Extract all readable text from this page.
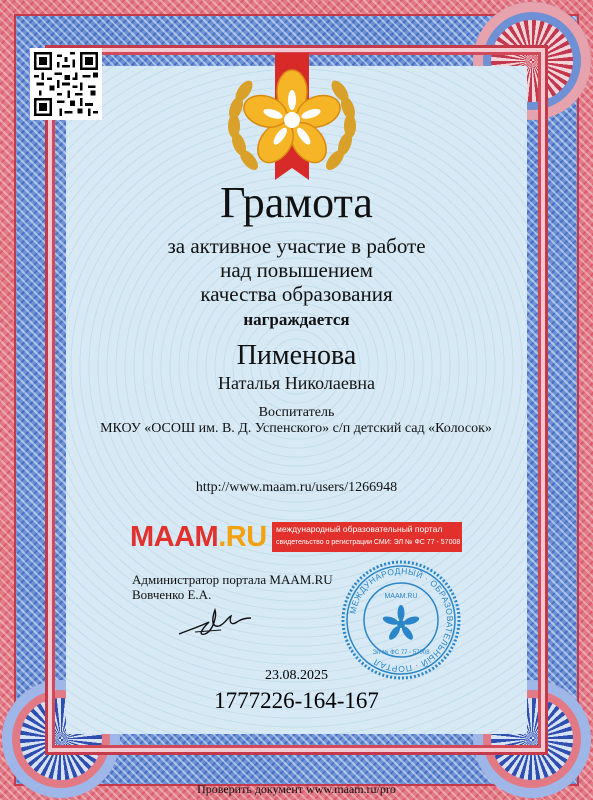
Грамота
за активное участие в работе
над повышением
качества образования
награждается
Пименова
Наталья Николаевна
Воспитатель
МКОУ «ОСОШ им. В. Д. Успенского» с/п детский сад «Колосок»
http://www.maam.ru/users/1266948
MAAM.RU международный образовательный портал
свидетельство о регистрации СМИ: ЭЛ № ФС 77 - 57008
Администратор портала MAAM.RU
Вовченко Е.А.
МЕЖДУНАРОДНЫЙ · ОБРАЗОВАТЕЛЬНЫЙ · ПОРТАЛ
MAAM.RU
ЭЛ № ФС 77 - 57008
23.08.2025
1777226-164-167
Проверить документ www.maam.ru/pro
